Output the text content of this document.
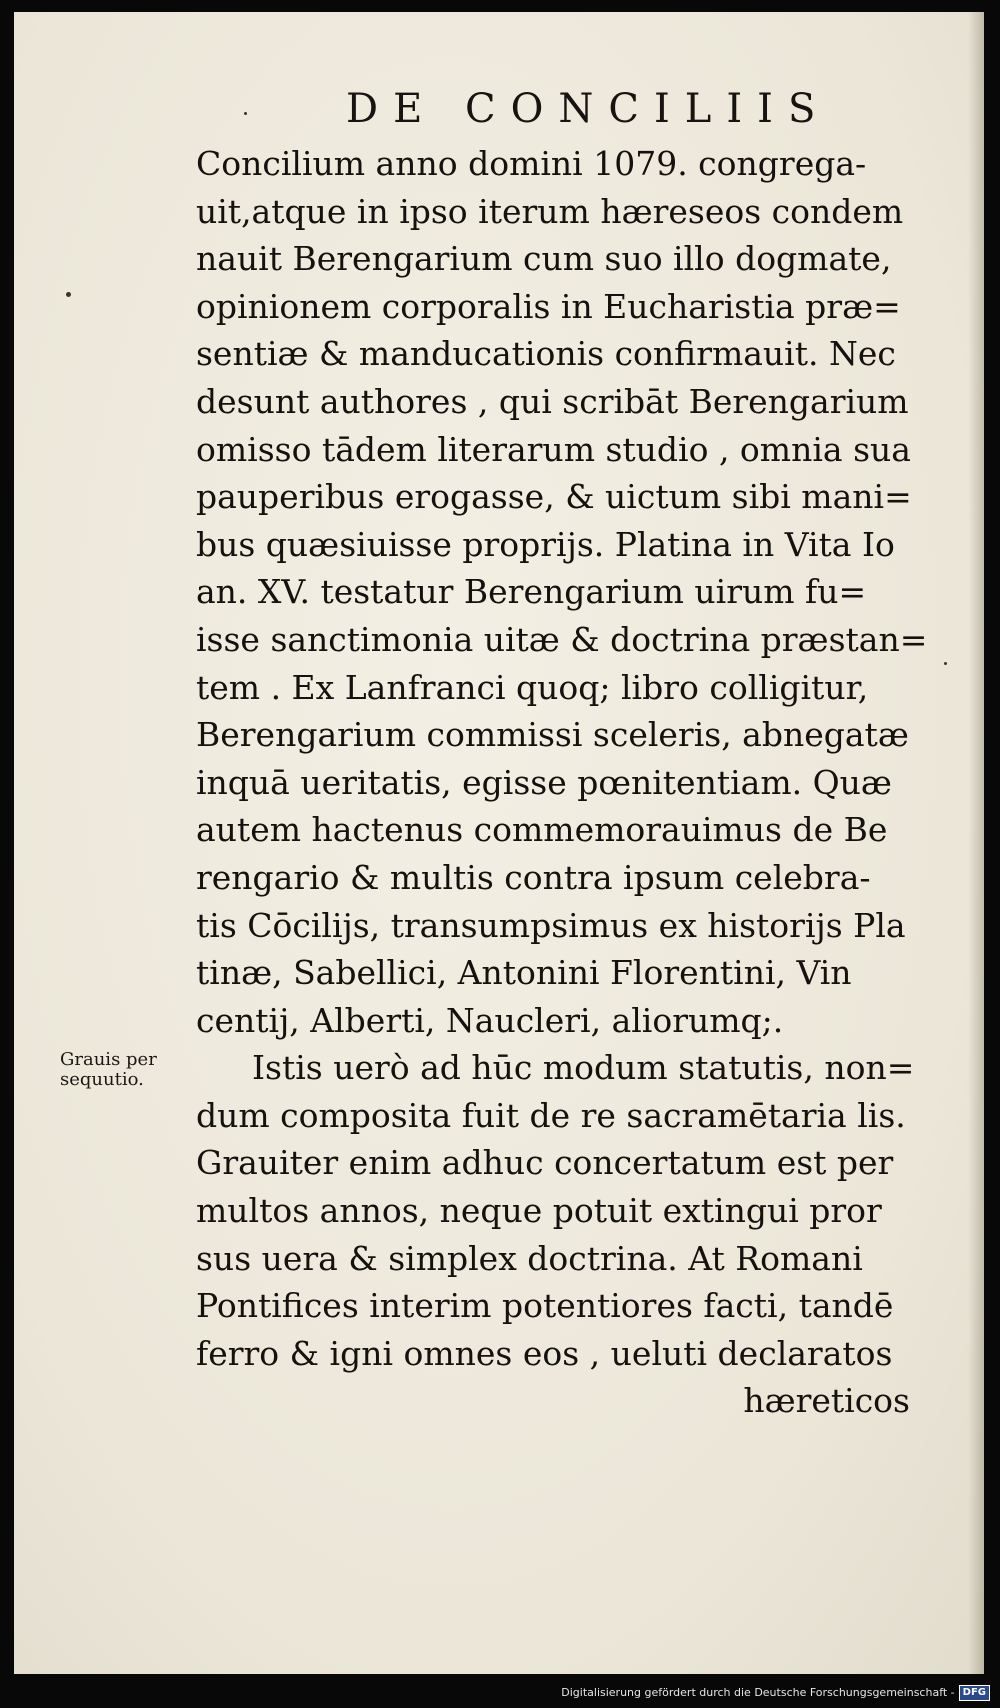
DE CONCILIIS
Grauis per
sequutio.
Concilium anno domini 1079. congrega-
uit,atque in ipso iterum hæreseos condem
nauit Berengarium cum suo illo dogmate,
opinionem corporalis in Eucharistia præ=
sentiæ & manducationis confirmauit. Nec
desunt authores , qui scribāt Berengarium
omisso tādem literarum studio , omnia sua
pauperibus erogasse, & uictum sibi mani=
bus quæsiuisse proprijs. Platina in Vita Io
an. XV. testatur Berengarium uirum fu=
isse sanctimonia uitæ & doctrina præstan=
tem . Ex Lanfranci quoq; libro colligitur,
Berengarium commissi sceleris, abnegatæ
inquā ueritatis, egisse pœnitentiam. Quæ
autem hactenus commemorauimus de Be
rengario & multis contra ipsum celebra-
tis Cōcilijs, transumpsimus ex historijs Pla
tinæ, Sabellici, Antonini Florentini, Vin
centij, Alberti, Naucleri, aliorumq;.
Istis uerò ad hūc modum statutis, non=
dum composita fuit de re sacramētaria lis.
Grauiter enim adhuc concertatum est per
multos annos, neque potuit extingui pror
sus uera & simplex doctrina. At Romani
Pontifices interim potentiores facti, tandē
ferro & igni omnes eos , ueluti declaratos
hæreticos
Digitalisierung gefördert durch die Deutsche Forschungsgemeinschaft - DFG
